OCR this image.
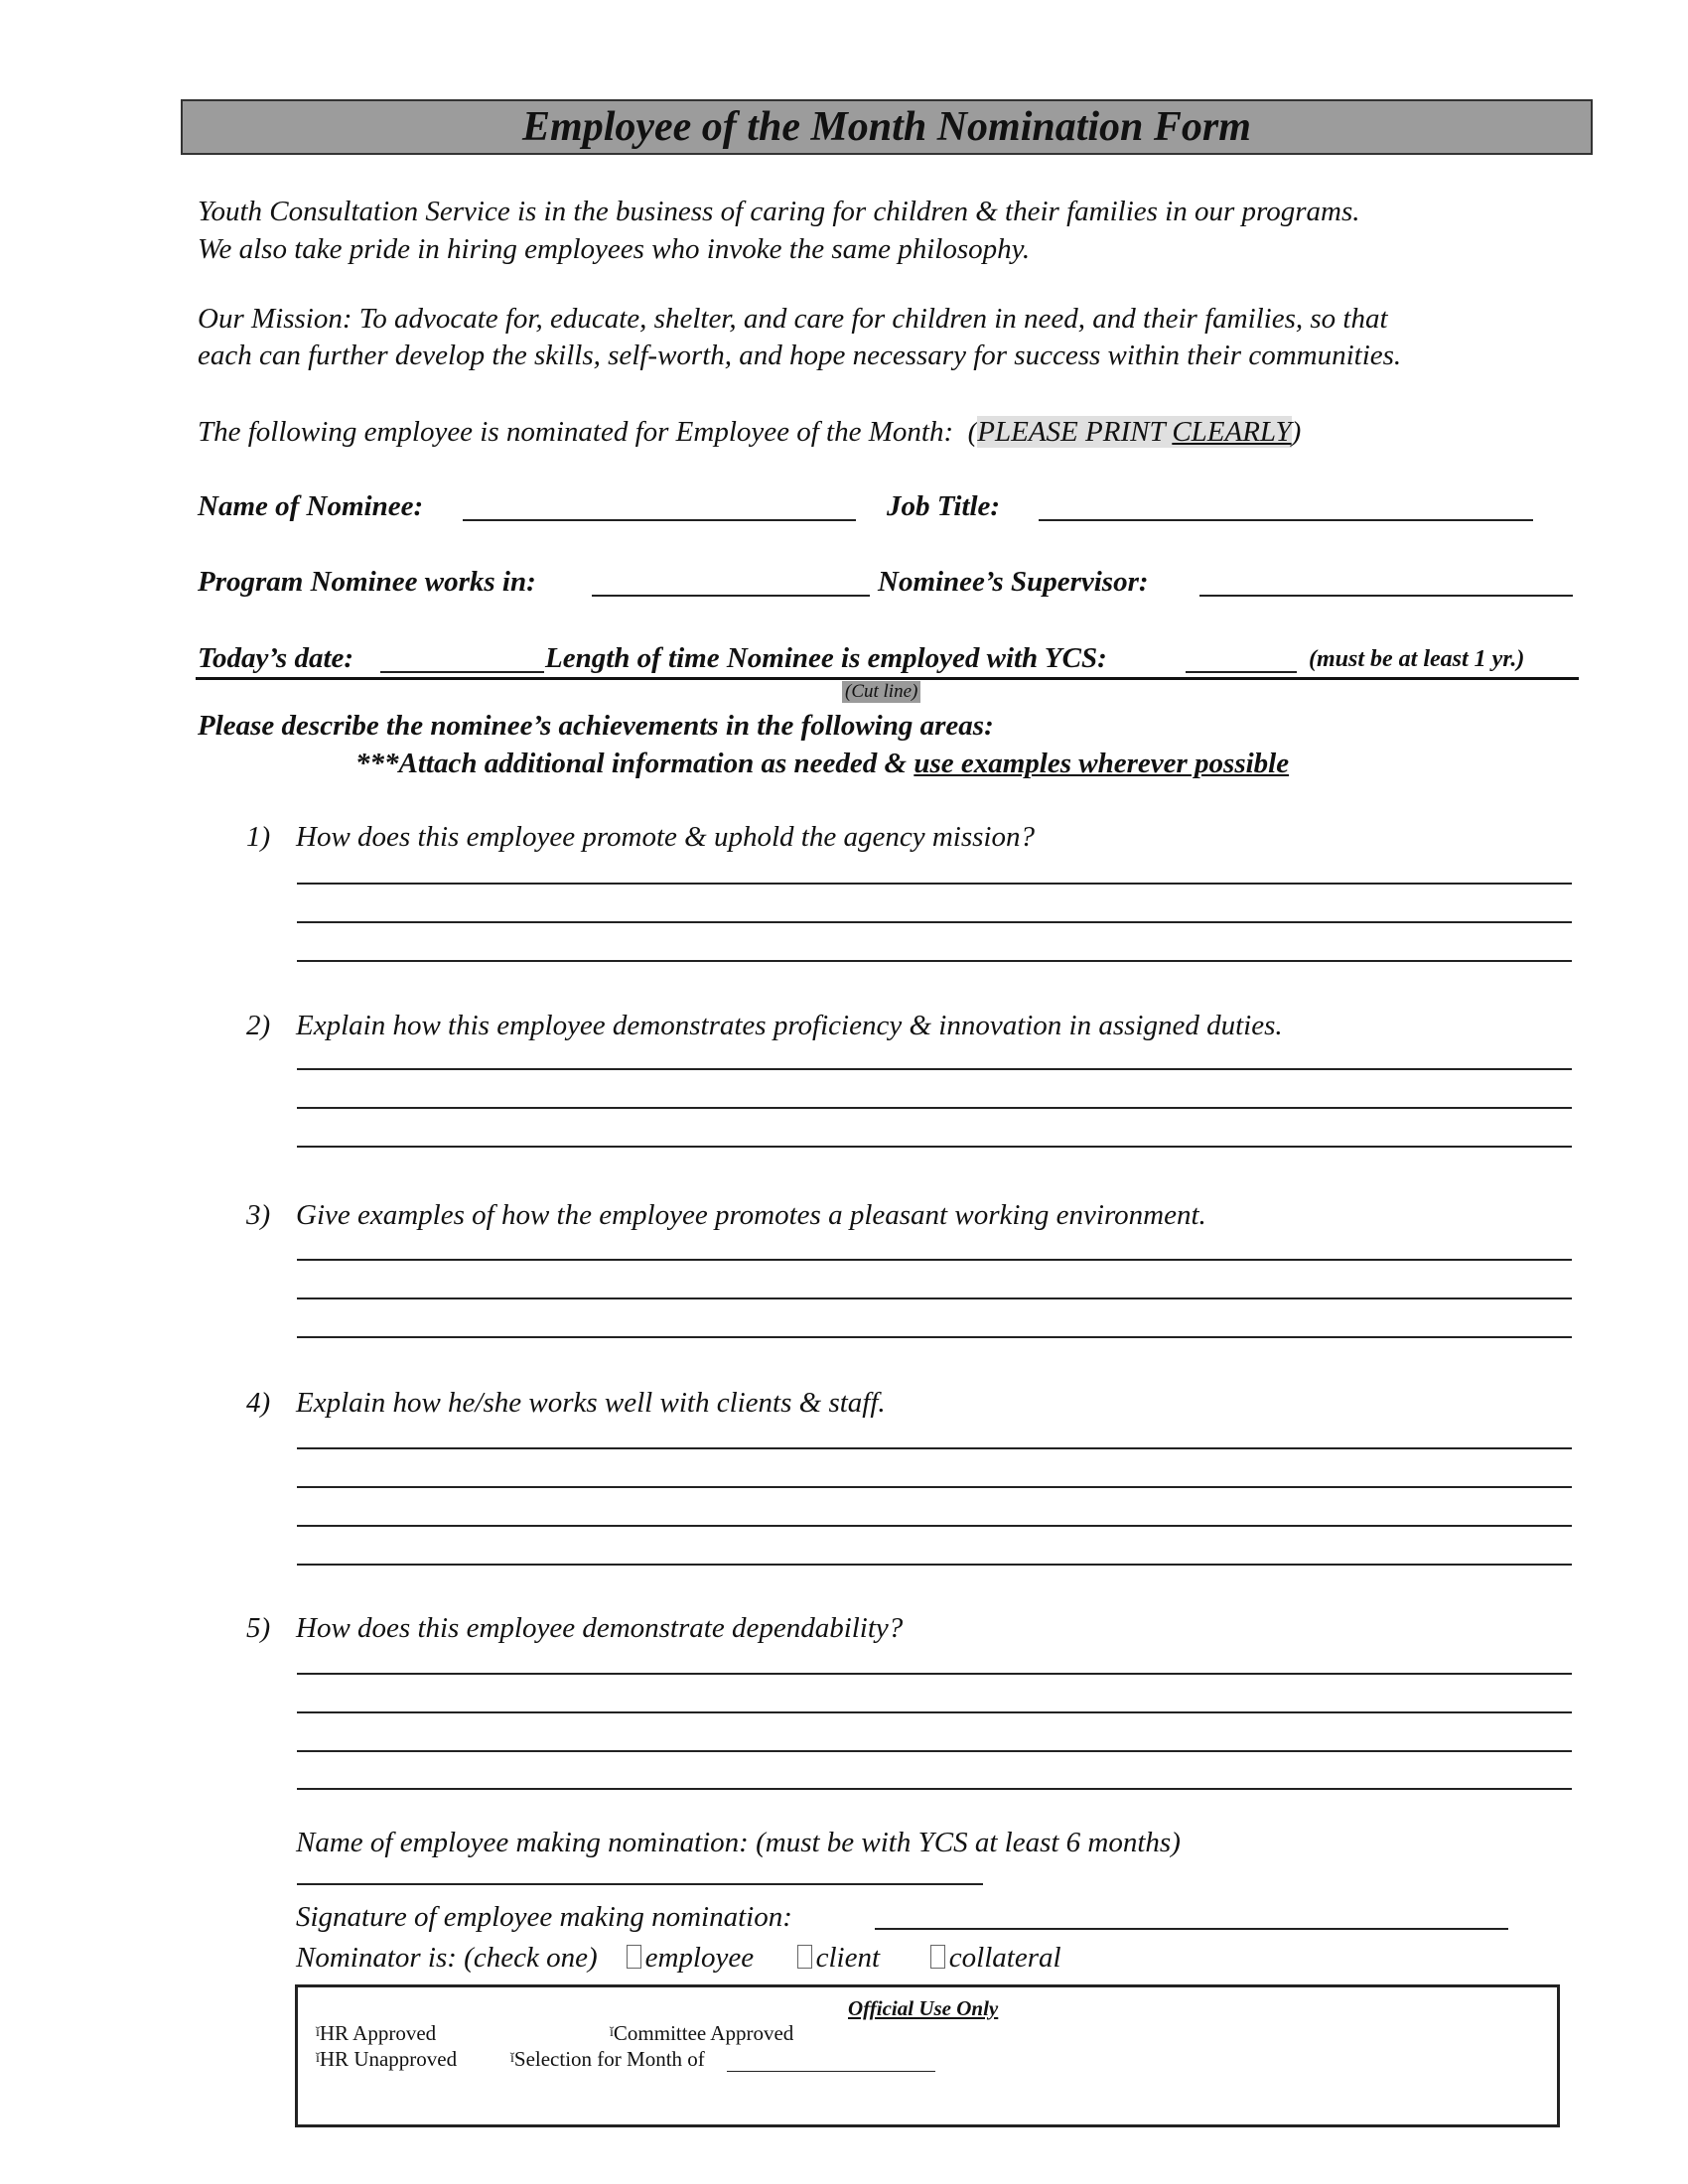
Employee of the Month Nomination Form
Youth Consultation Service is in the business of caring for children & their families in our programs.
We also take pride in hiring employees who invoke the same philosophy.
Our Mission: To advocate for, educate, shelter, and care for children in need, and their families, so that
each can further develop the skills, self-worth, and hope necessary for success within their communities.
The following employee is nominated for Employee of the Month:  (PLEASE PRINT CLEARLY)
Name of Nominee:	Job Title:
Program Nominee works in:	Nominee’s Supervisor:
Today’s date:	Length of time Nominee is employed with YCS:	(must be at least 1 yr.)
(Cut line)
Please describe the nominee’s achievements in the following areas:
***Attach additional information as needed & use examples wherever possible
1) How does this employee promote & uphold the agency mission?
2) Explain how this employee demonstrates proficiency & innovation in assigned duties.
3) Give examples of how the employee promotes a pleasant working environment.
4) Explain how he/she works well with clients & staff.
5) How does this employee demonstrate dependability?
Name of employee making nomination: (must be with YCS at least 6 months)
Signature of employee making nomination:
Nominator is: (check one) employee client collateral
Official Use Only
$^ǐ$HR Approved	$^ǐ$Committee Approved
$^ǐ$HR Unapproved	$^ǐ$Selection for Month of
